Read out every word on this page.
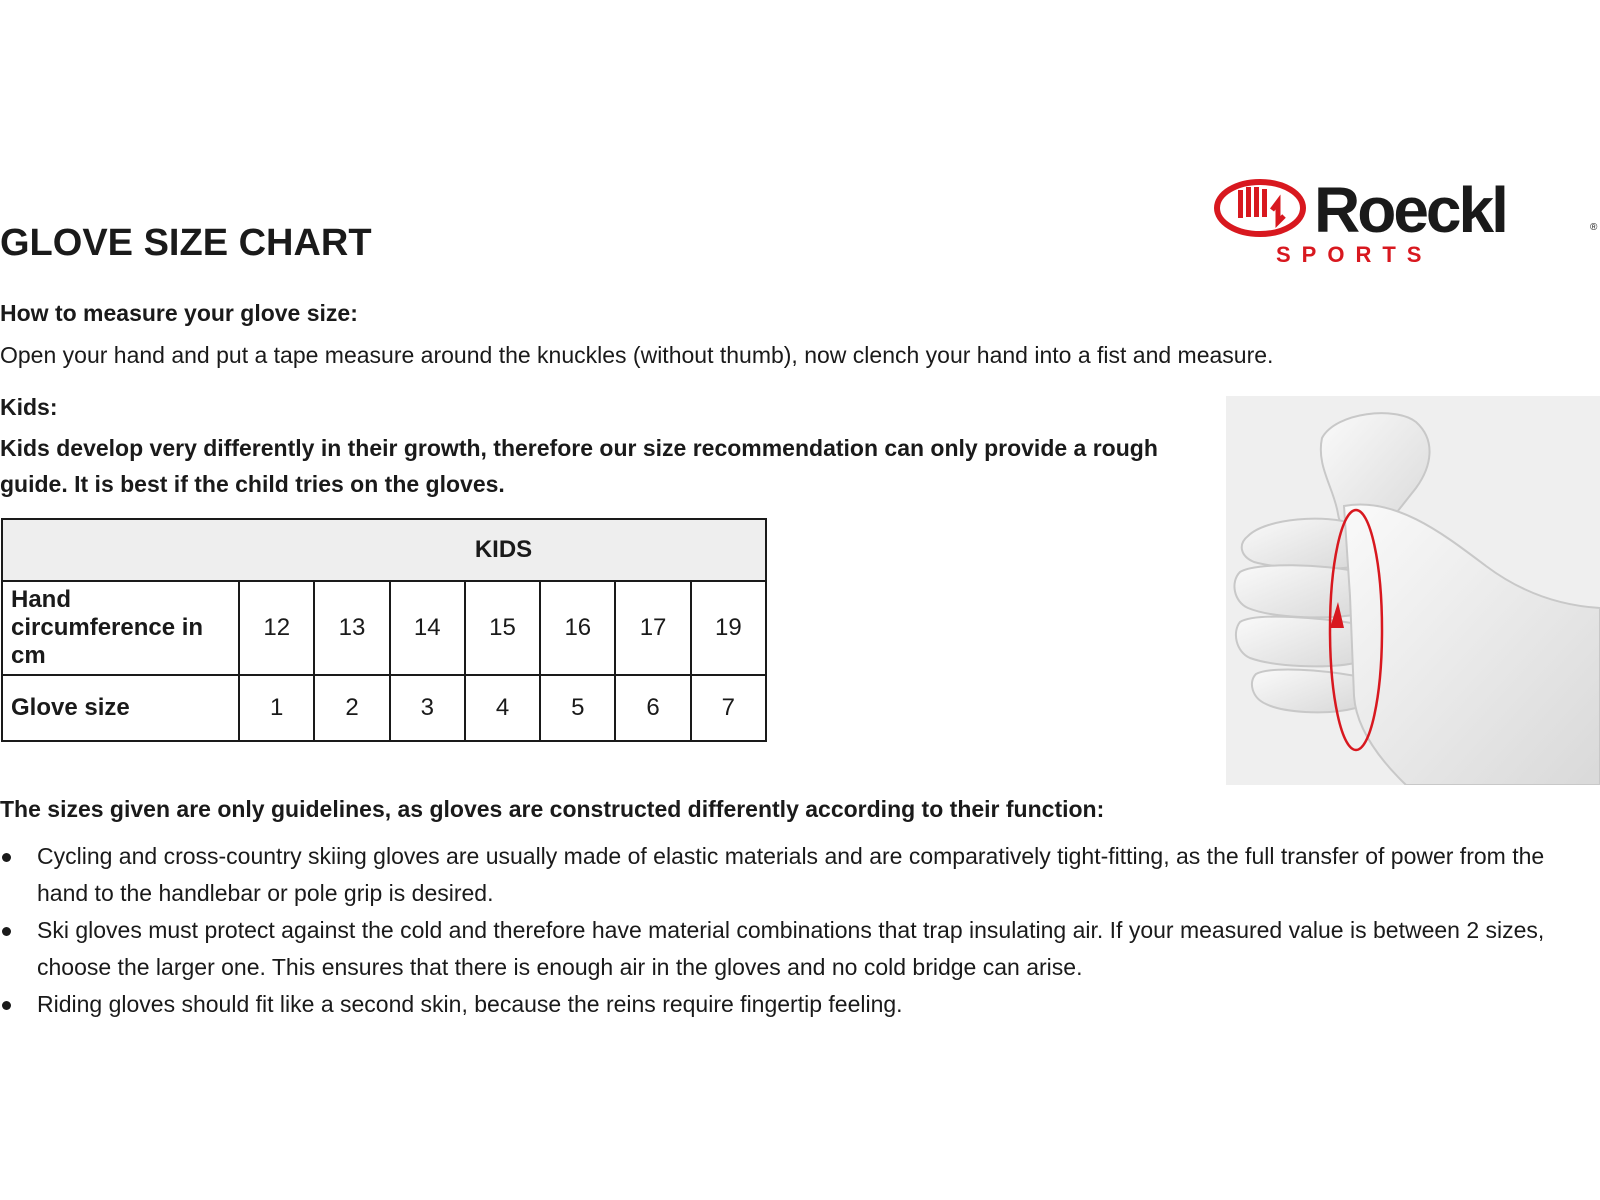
GLOVE SIZE CHART	Roeckl	®
SPORTS
How to measure your glove size:
Open your hand and put a tape measure around the knuckles (without thumb), now clench your hand into a fist and measure.
Kids:
Kids develop very differently in their growth, therefore our size recommendation can only provide a rough guide. It is best if the child tries on the gloves.
KIDS							
Hand circumference in cm	12	13	14	15	16	17	19
Glove size	1	2	3	4	5	6	7
The sizes given are only guidelines, as gloves are constructed differently according to their function:
Cycling and cross-country skiing gloves are usually made of elastic materials and are comparatively tight-fitting, as the full transfer of power from the hand to the handlebar or pole grip is desired.
Ski gloves must protect against the cold and therefore have material combinations that trap insulating air. If your measured value is between 2 sizes, choose the larger one. This ensures that there is enough air in the gloves and no cold bridge can arise.
Riding gloves should fit like a second skin, because the reins require fingertip feeling.
